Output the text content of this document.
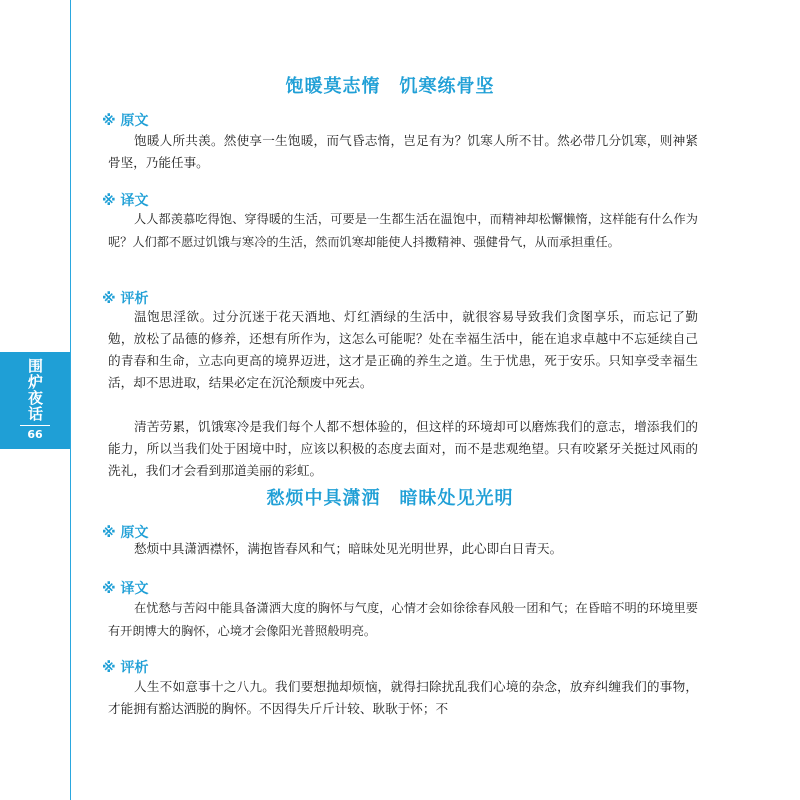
围炉夜话
66
饱暖莫志惰　饥寒练骨坚
※ 原文

饱暖人所共羡。然使享一生饱暖，而气昏志惰，岂足有为？饥寒人所不甘。然必带几分饥寒，则神紧骨坚，乃能任事。

※ 译文

人人都羡慕吃得饱、穿得暖的生活，可要是一生都生活在温饱中，而精神却松懈懒惰，这样能有什么作为呢？人们都不愿过饥饿与寒冷的生活，然而饥寒却能使人抖擞精神、强健骨气，从而承担重任。

※ 评析

温饱思淫欲。过分沉迷于花天酒地、灯红酒绿的生活中，就很容易导致我们贪图享乐，而忘记了勤勉，放松了品德的修养，还想有所作为，这怎么可能呢？处在幸福生活中，能在追求卓越中不忘延续自己的青春和生命，立志向更高的境界迈进，这才是正确的养生之道。生于忧患，死于安乐。只知享受幸福生活，却不思进取，结果必定在沉沦颓废中死去。

清苦劳累，饥饿寒冷是我们每个人都不想体验的，但这样的环境却可以磨炼我们的意志，增添我们的能力，所以当我们处于困境中时，应该以积极的态度去面对，而不是悲观绝望。只有咬紧牙关挺过风雨的洗礼，我们才会看到那道美丽的彩虹。

愁烦中具潇洒　暗昧处见光明
※ 原文

愁烦中具潇洒襟怀，满抱皆春风和气；暗昧处见光明世界，此心即白日青天。

※ 译文

在忧愁与苦闷中能具备潇洒大度的胸怀与气度，心情才会如徐徐春风般一团和气；在昏暗不明的环境里要有开朗博大的胸怀，心境才会像阳光普照般明亮。

※ 评析

人生不如意事十之八九。我们要想抛却烦恼，就得扫除扰乱我们心境的杂念，放弃纠缠我们的事物，才能拥有豁达洒脱的胸怀。不因得失斤斤计较、耿耿于怀；不
